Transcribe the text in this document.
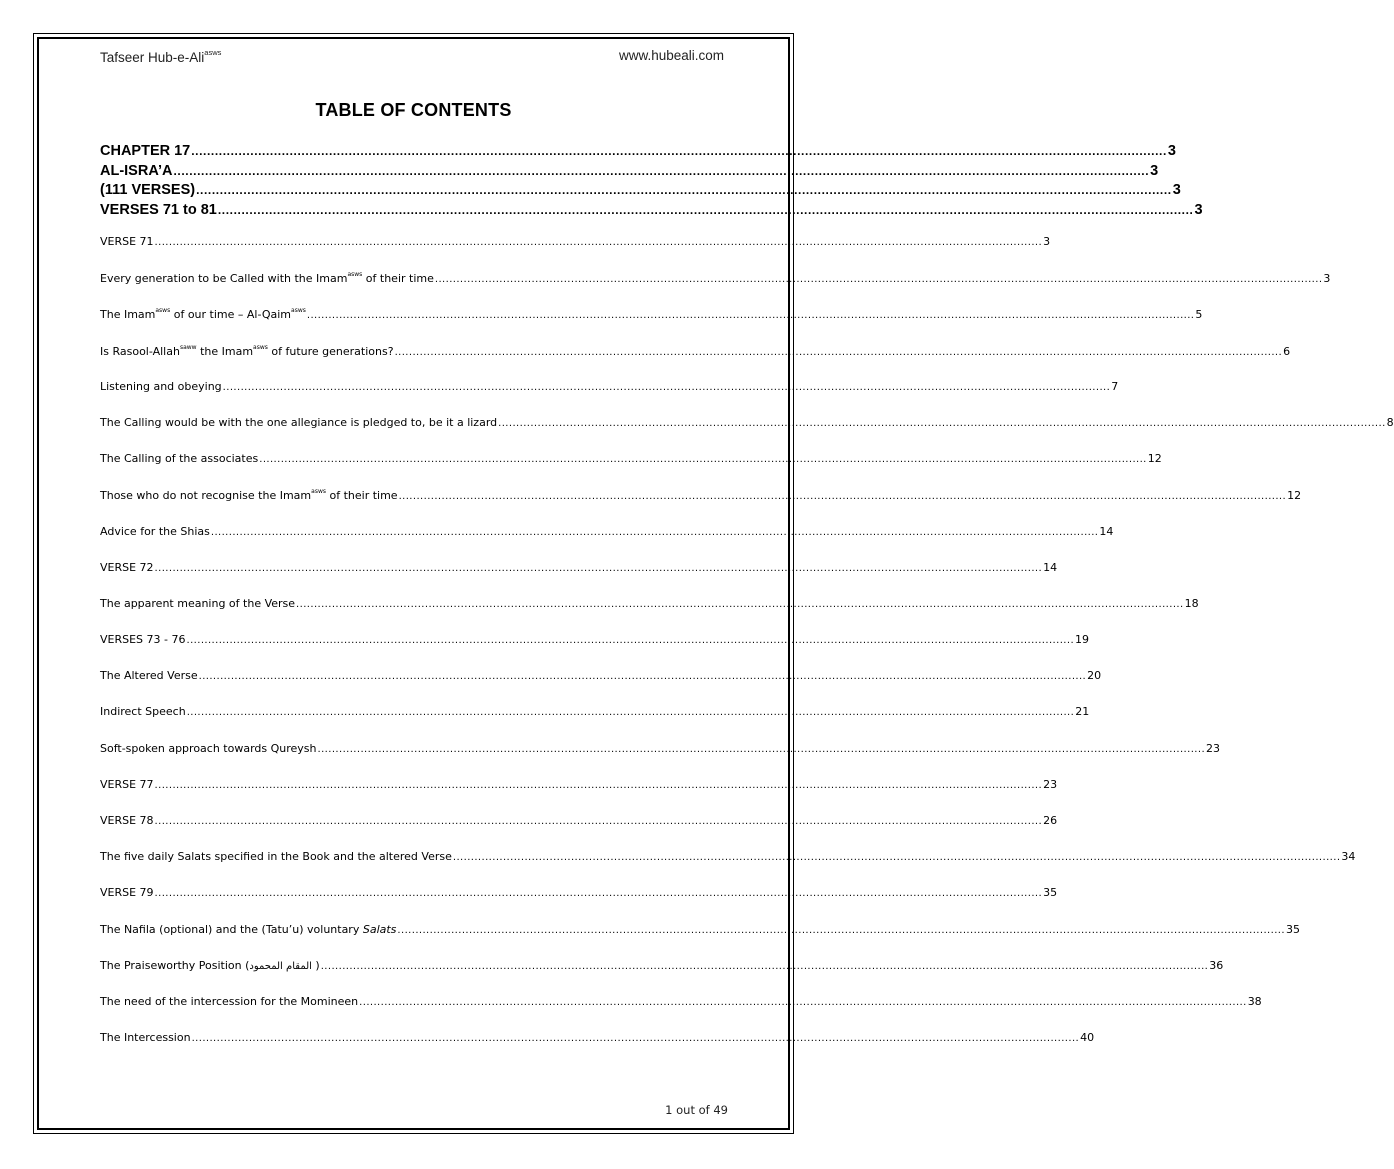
Tafseer Hub-e-Ali$^{asws}$	www.hubeali.com
TABLE OF CONTENTS
CHAPTER 17 ........................................................................................................................................................................................................................................................ 3
AL-ISRA’A ........................................................................................................................................................................................................................................................ 3
(111 VERSES) ........................................................................................................................................................................................................................................................ 3
VERSES 71 to 81 ........................................................................................................................................................................................................................................................ 3
VERSE 71 ........................................................................................................................................................................................................................................................ 3
Every generation to be Called with the Imam$^{asws}$ of their time ........................................................................................................................................................................................................................................................ 3
The Imam$^{asws}$ of our time – Al-Qaim$^{asws}$ ........................................................................................................................................................................................................................................................ 5
Is Rasool-Allah$^{saww}$ the Imam$^{asws}$ of future generations? ........................................................................................................................................................................................................................................................ 6
Listening and obeying ........................................................................................................................................................................................................................................................ 7
The Calling would be with the one allegiance is pledged to, be it a lizard ........................................................................................................................................................................................................................................................ 8
The Calling of the associates ........................................................................................................................................................................................................................................................ 12
Those who do not recognise the Imam$^{asws}$ of their time ........................................................................................................................................................................................................................................................ 12
Advice for the Shias ........................................................................................................................................................................................................................................................ 14
VERSE 72 ........................................................................................................................................................................................................................................................ 14
The apparent meaning of the Verse ........................................................................................................................................................................................................................................................ 18
VERSES 73 - 76 ........................................................................................................................................................................................................................................................ 19
The Altered Verse ........................................................................................................................................................................................................................................................ 20
Indirect Speech ........................................................................................................................................................................................................................................................ 21
Soft-spoken approach towards Qureysh ........................................................................................................................................................................................................................................................ 23
VERSE 77 ........................................................................................................................................................................................................................................................ 23
VERSE 78 ........................................................................................................................................................................................................................................................ 26
The five daily Salats specified in the Book and the altered Verse ........................................................................................................................................................................................................................................................ 34
VERSE 79 ........................................................................................................................................................................................................................................................ 35
The Nafila (optional) and the (Tatu’u) voluntary Salats ........................................................................................................................................................................................................................................................ 35
The Praiseworthy Position (المقام المحمود ) ........................................................................................................................................................................................................................................................ 36
The need of the intercession for the Momineen ........................................................................................................................................................................................................................................................ 38
The Intercession ........................................................................................................................................................................................................................................................ 40
1 out of 49
